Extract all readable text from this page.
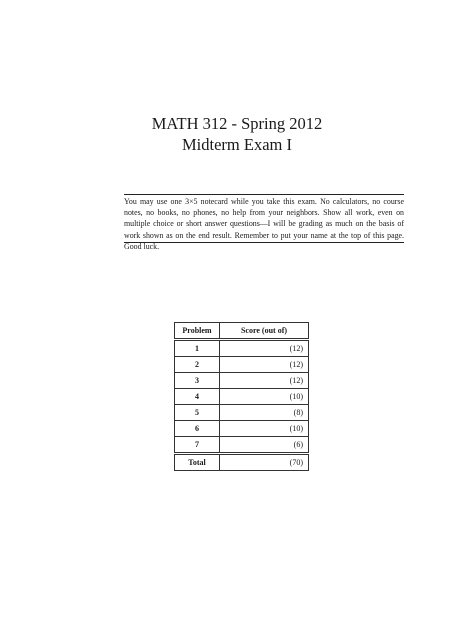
MATH 312 - Spring 2012
Midterm Exam I

You may use one 3×5 notecard while you take this exam. No calculators, no course notes, no books, no phones, no help from your neighbors. Show all work, even on multiple choice or short answer questions—I will be grading as much on the basis of work shown as on the end result. Remember to put your name at the top of this page. Good luck.

Problem	Score (out of)
1	(12)
2	(12)
3	(12)
4	(10)
5	(8)
6	(10)
7	(6)
Total	(70)
